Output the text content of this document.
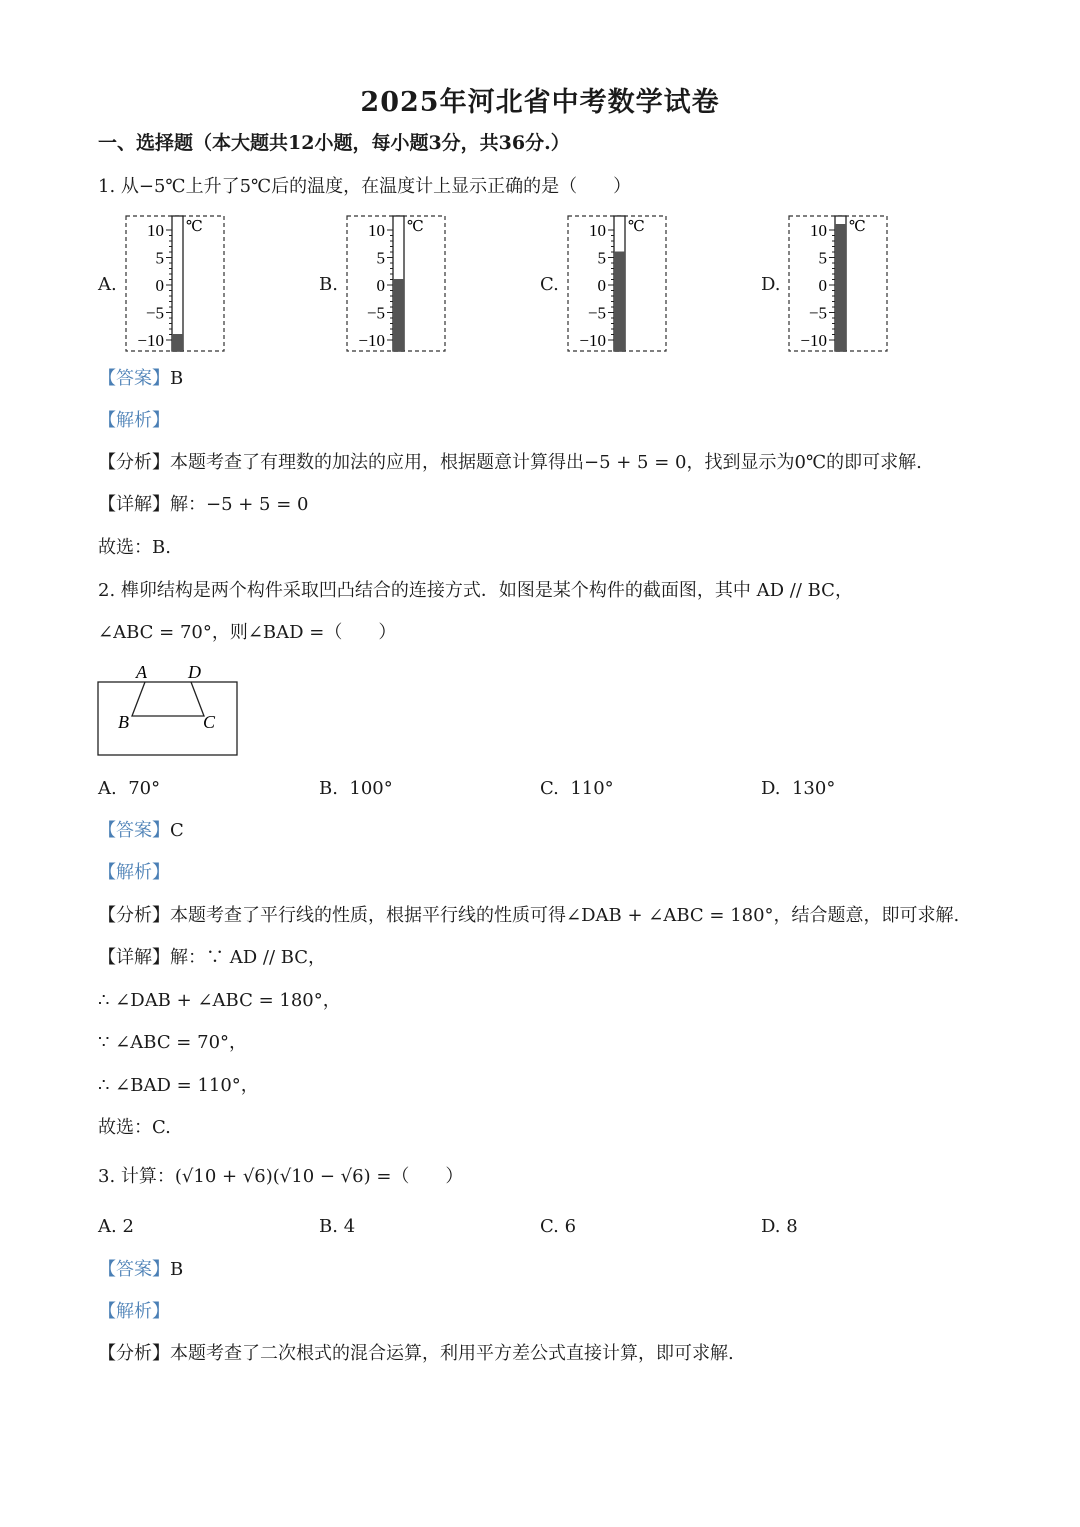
2025年河北省中考数学试卷
一、选择题（本大题共12小题，每小题3分，共36分.）
1. 从−5℃上升了5℃后的温度，在温度计上显示正确的是（　　）
A.	B.	C.	D.
10
5
0
−5
−10
℃	10
5
0
−5
−10
℃	10
5
0
−5
−10
℃	10
5
0
−5
−10
℃
【答案】B
【解析】
【分析】本题考查了有理数的加法的应用，根据题意计算得出−5 + 5 = 0，找到显示为0℃的即可求解.
【详解】解：−5 + 5 = 0
故选：B.
2. 榫卯结构是两个构件采取凹凸结合的连接方式．如图是某个构件的截面图，其中 AD // BC，
∠ABC = 70°，则∠BAD =（　　）
A D
B	C
A. 70°	B. 100°	C. 110°	D. 130°
【答案】C
【解析】
【分析】本题考查了平行线的性质，根据平行线的性质可得∠DAB + ∠ABC = 180°，结合题意，即可求解.
【详解】解：∵ AD // BC，
∴ ∠DAB + ∠ABC = 180°，
∵ ∠ABC = 70°，
∴ ∠BAD = 110°，
故选：C.
3. 计算：(√10 + √6)(√10 − √6) =（　　）
A. 2	B. 4	C. 6	D. 8
【答案】B
【解析】
【分析】本题考查了二次根式的混合运算，利用平方差公式直接计算，即可求解.
